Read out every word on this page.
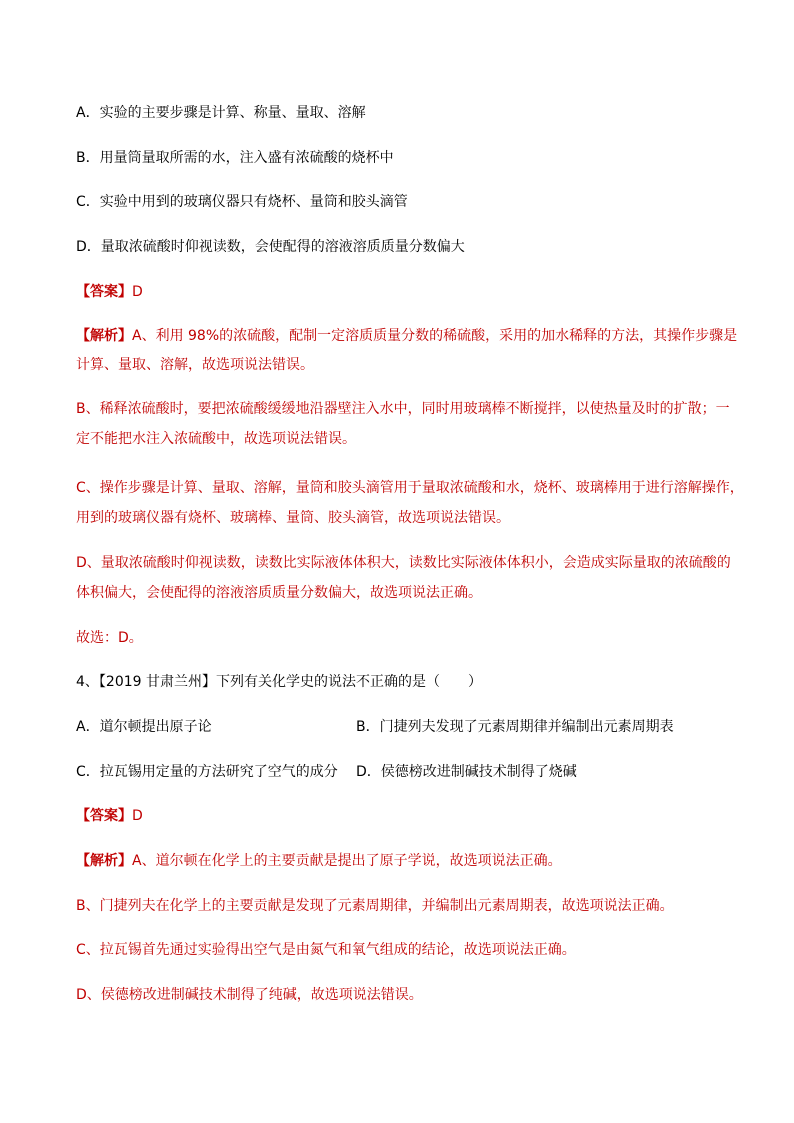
A．实验的主要步骤是计算、称量、量取、溶解
B．用量筒量取所需的水，注入盛有浓硫酸的烧杯中
C．实验中用到的玻璃仪器只有烧杯、量筒和胶头滴管
D．量取浓硫酸时仰视读数，会使配得的溶液溶质质量分数偏大
【答案】D
【解析】A、利用 98%的浓硫酸，配制一定溶质质量分数的稀硫酸，采用的加水稀释的方法，其操作步骤是
计算、量取、溶解，故选项说法错误。
B、稀释浓硫酸时，要把浓硫酸缓缓地沿器壁注入水中，同时用玻璃棒不断搅拌，以使热量及时的扩散；一
定不能把水注入浓硫酸中，故选项说法错误。
C、操作步骤是计算、量取、溶解，量筒和胶头滴管用于量取浓硫酸和水，烧杯、玻璃棒用于进行溶解操作，
用到的玻璃仪器有烧杯、玻璃棒、量筒、胶头滴管，故选项说法错误。
D、量取浓硫酸时仰视读数，读数比实际液体体积大，读数比实际液体体积小，会造成实际量取的浓硫酸的
体积偏大，会使配得的溶液溶质质量分数偏大，故选项说法正确。
故选：D。
4、【2019 甘肃兰州】下列有关化学史的说法不正确的是（　　）
A．道尔顿提出原子论	B．门捷列夫发现了元素周期律并编制出元素周期表
C．拉瓦锡用定量的方法研究了空气的成分 D．侯德榜改进制碱技术制得了烧碱
【答案】D
【解析】A、道尔顿在化学上的主要贡献是提出了原子学说，故选项说法正确。
B、门捷列夫在化学上的主要贡献是发现了元素周期律，并编制出元素周期表，故选项说法正确。
C、拉瓦锡首先通过实验得出空气是由氮气和氧气组成的结论，故选项说法正确。
D、侯德榜改进制碱技术制得了纯碱，故选项说法错误。
